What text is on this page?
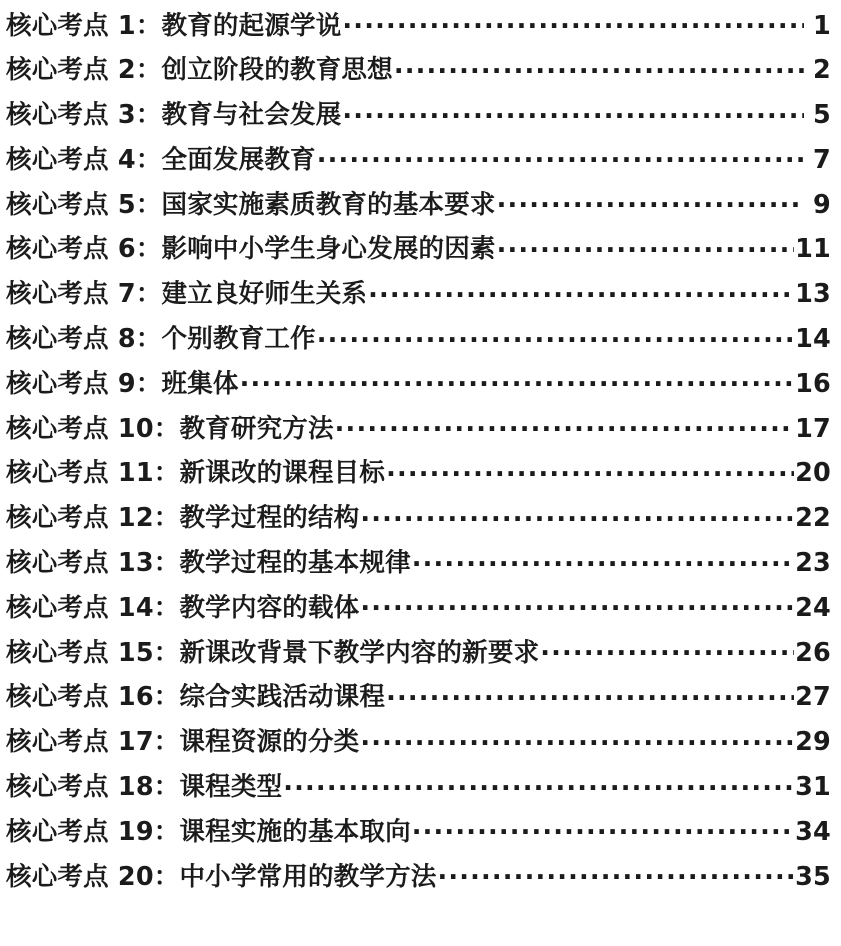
核心考点 1：教育的起源学说 .....	1
核心考点 2：创立阶段的教育思想 .....	2
核心考点 3：教育与社会发展 .....	5
核心考点 4：全面发展教育 .....	7
核心考点 5：国家实施素质教育的基本要求 .....	9
核心考点 6：影响中小学生身心发展的因素 .....	11
核心考点 7：建立良好师生关系 .....	13
核心考点 8：个别教育工作 .....	14
核心考点 9：班集体 .....	16
核心考点 10：教育研究方法 .....	17
核心考点 11：新课改的课程目标 .....	20
核心考点 12：教学过程的结构 .....	22
核心考点 13：教学过程的基本规律 .....	23
核心考点 14：教学内容的载体 .....	24
核心考点 15：新课改背景下教学内容的新要求 .....	26
核心考点 16：综合实践活动课程 .....	27
核心考点 17：课程资源的分类 .....	29
核心考点 18：课程类型 .....	31
核心考点 19：课程实施的基本取向 .....	34
核心考点 20：中小学常用的教学方法 .....	35
